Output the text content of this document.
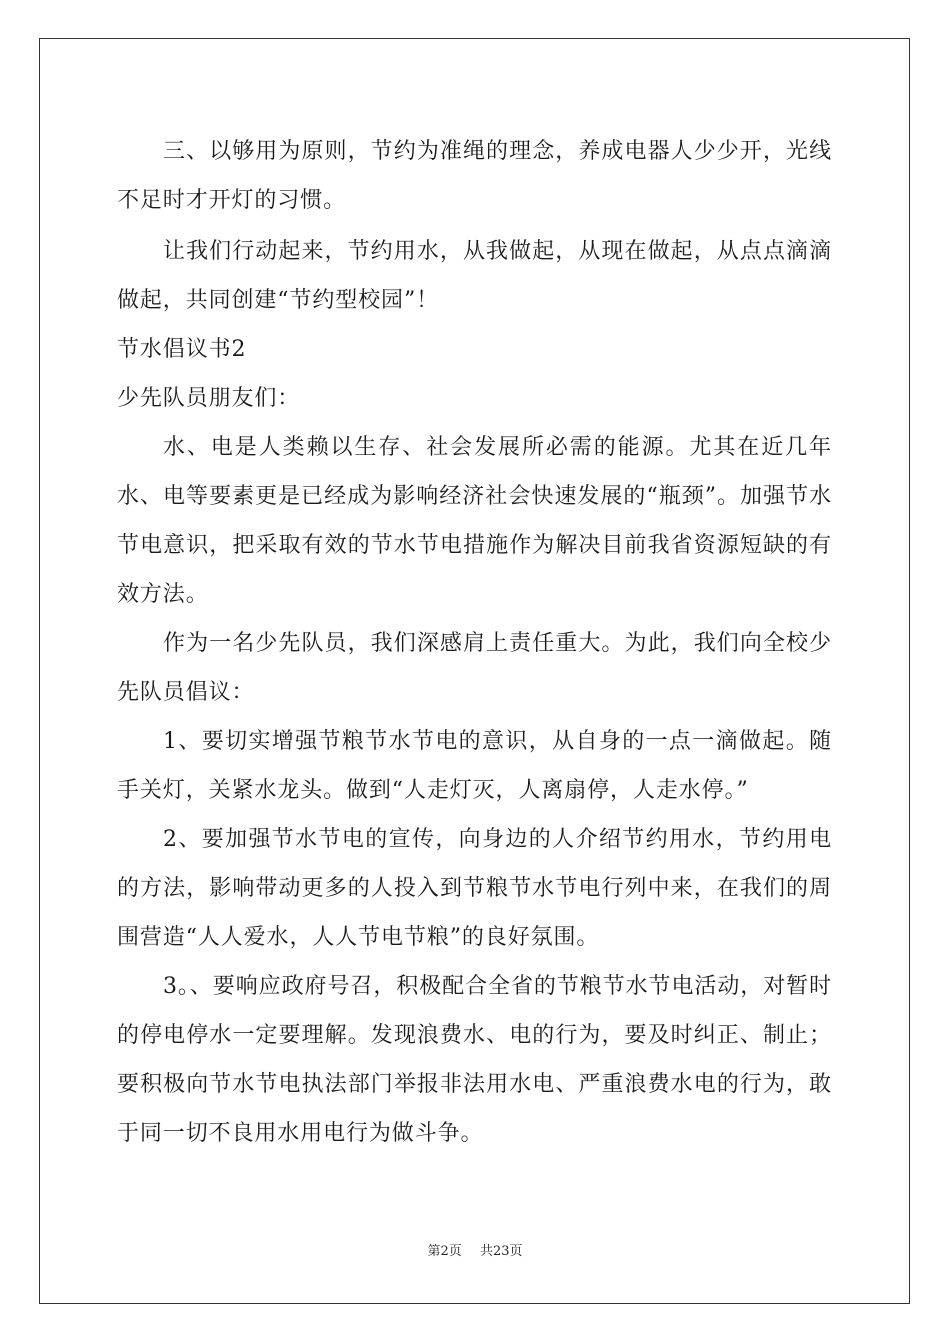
三、以够用为原则，节约为准绳的理念，养成电器人少少开，光线不足时才开灯的习惯。

让我们行动起来，节约用水，从我做起，从现在做起，从点点滴滴做起，共同创建“节约型校园”！

节水倡议书2

少先队员朋友们：

水、电是人类赖以生存、社会发展所必需的能源。尤其在近几年水、电等要素更是已经成为影响经济社会快速发展的“瓶颈”。加强节水节电意识，把采取有效的节水节电措施作为解决目前我省资源短缺的有效方法。

作为一名少先队员，我们深感肩上责任重大。为此，我们向全校少先队员倡议：

1、要切实增强节粮节水节电的意识，从自身的一点一滴做起。随手关灯，关紧水龙头。做到“人走灯灭，人离扇停，人走水停。”

2、要加强节水节电的宣传，向身边的人介绍节约用水，节约用电的方法，影响带动更多的人投入到节粮节水节电行列中来，在我们的周围营造“人人爱水，人人节电节粮”的良好氛围。

3。、要响应政府号召，积极配合全省的节粮节水节电活动，对暂时的停电停水一定要理解。发现浪费水、电的行为，要及时纠正、制止；要积极向节水节电执法部门举报非法用水电、严重浪费水电的行为，敢于同一切不良用水用电行为做斗争。

第2页 共23页
